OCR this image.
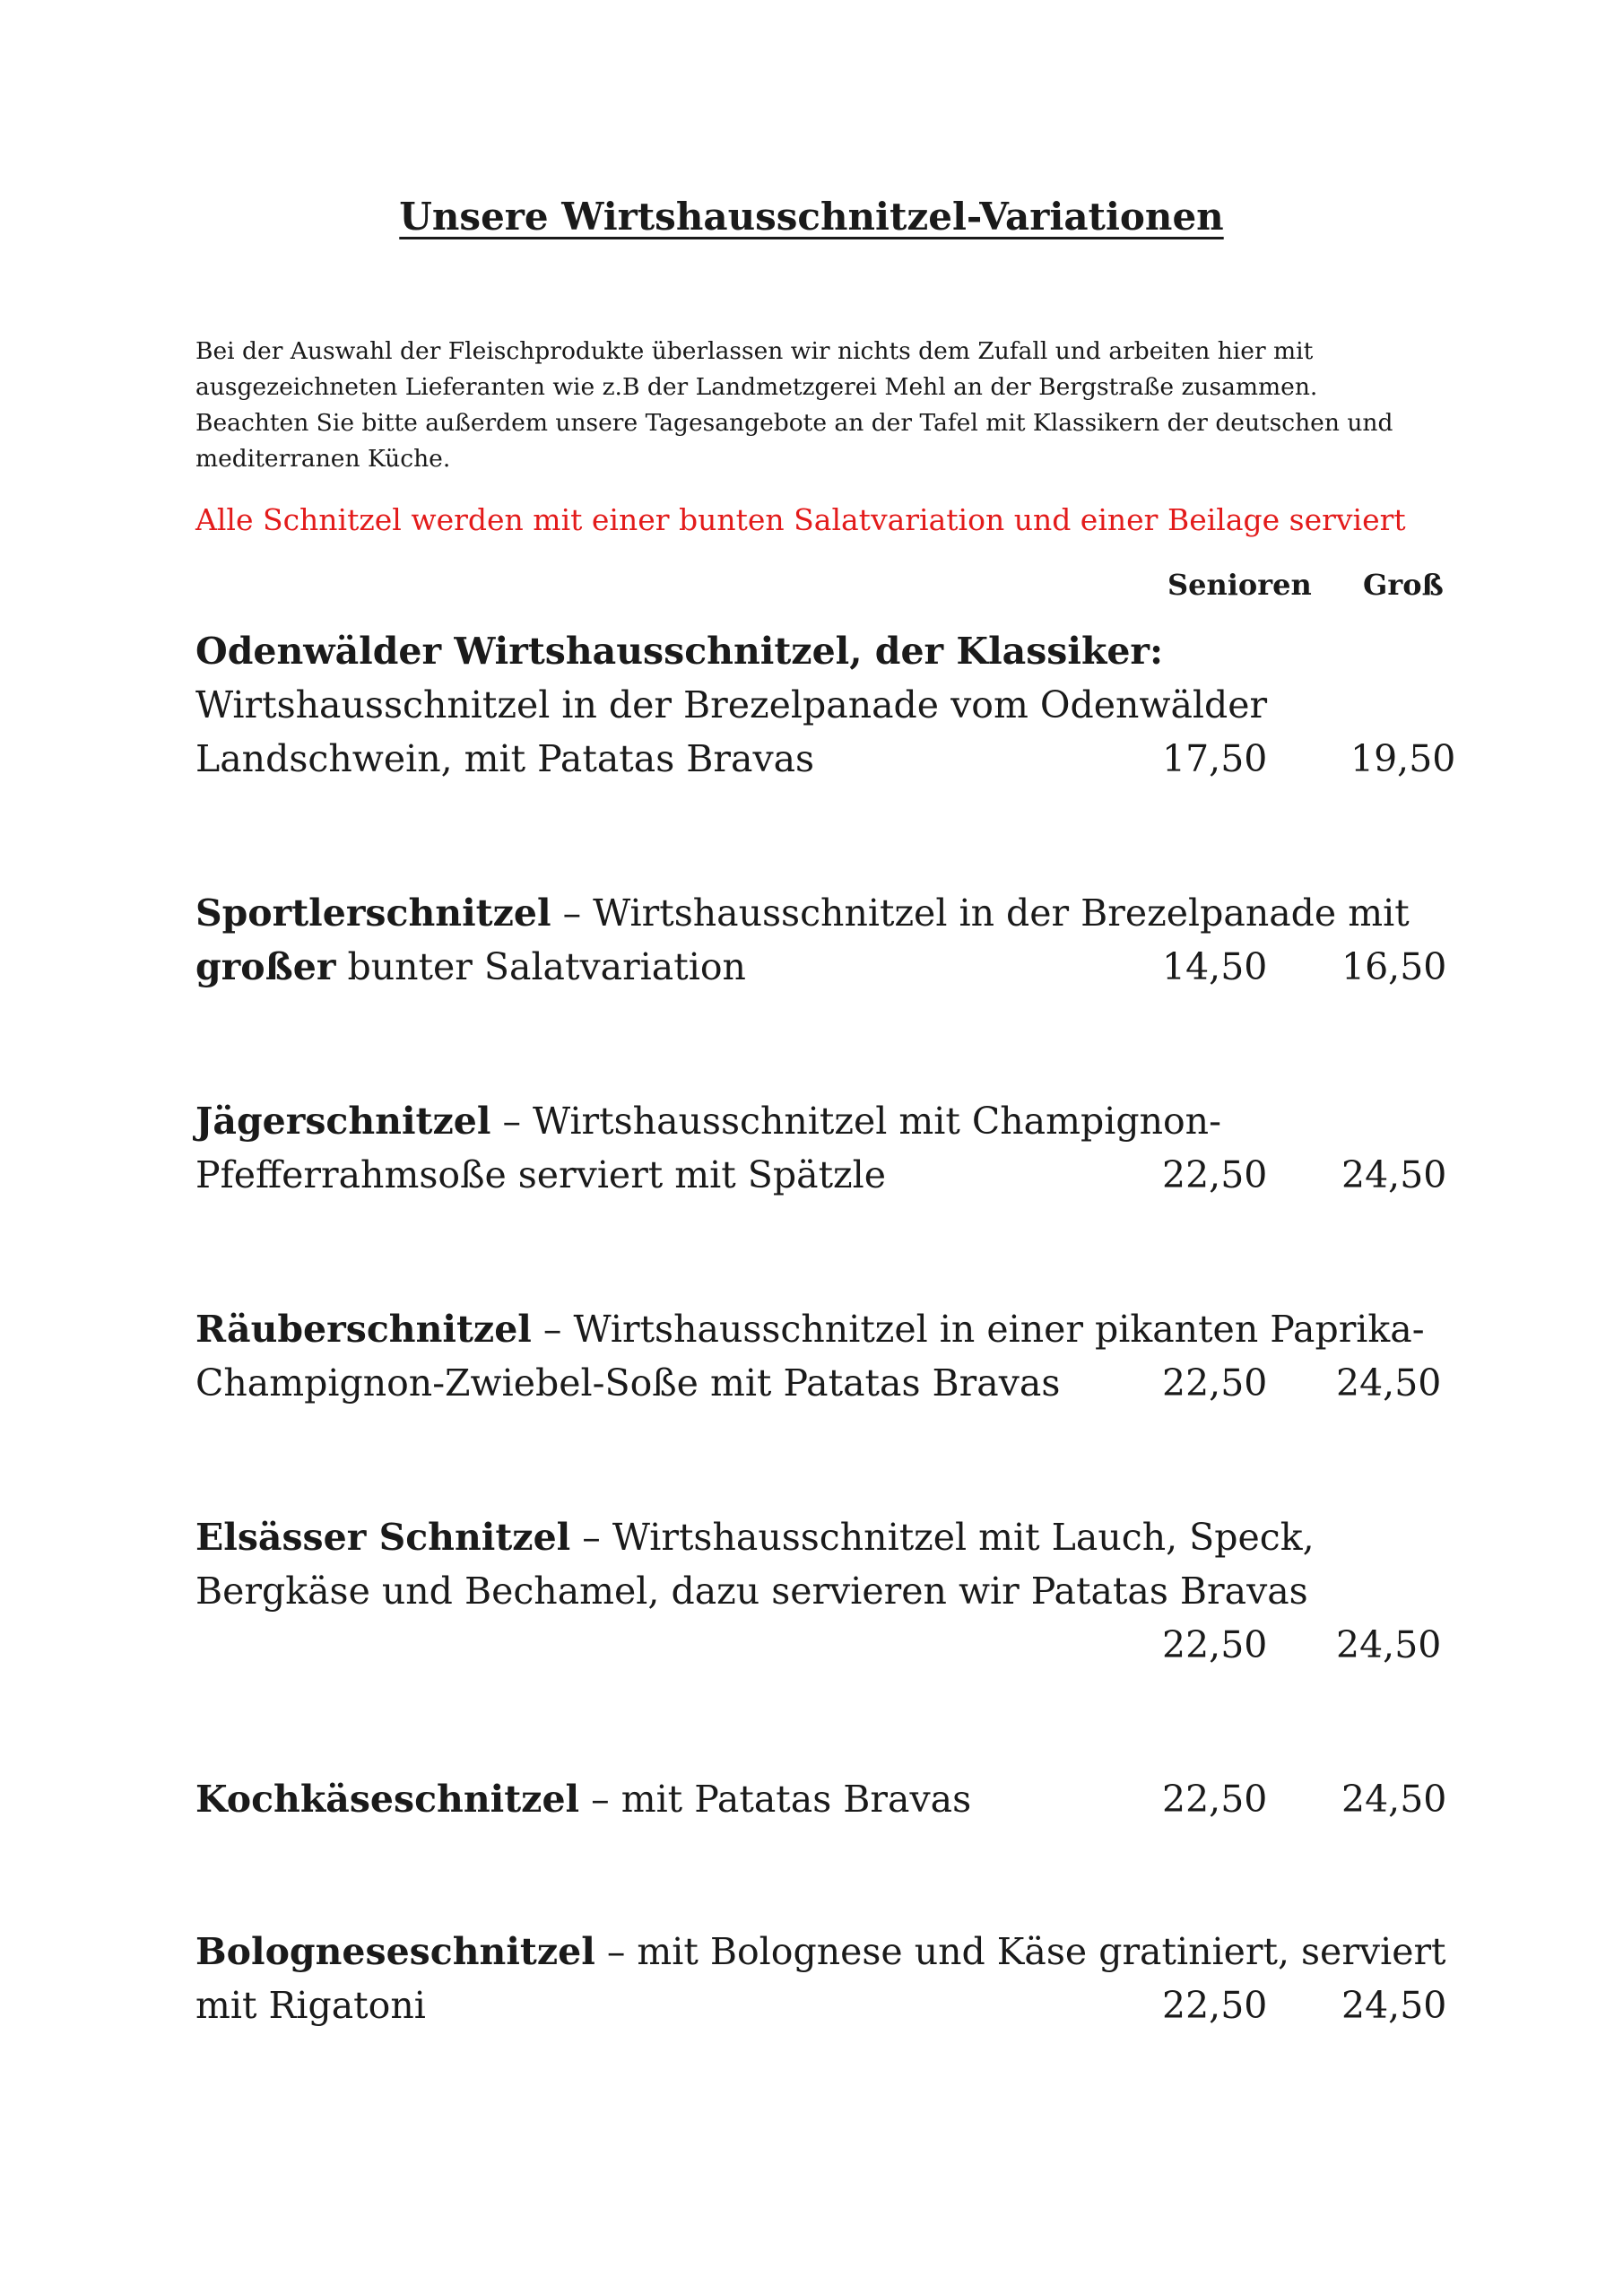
Unsere Wirtshausschnitzel-Variationen

Bei der Auswahl der Fleischprodukte überlassen wir nichts dem Zufall und arbeiten hier mit
ausgezeichneten Lieferanten wie z.B der Landmetzgerei Mehl an der Bergstraße zusammen.
Beachten Sie bitte außerdem unsere Tagesangebote an der Tafel mit Klassikern der deutschen und
mediterranen Küche.

Alle Schnitzel werden mit einer bunten Salatvariation und einer Beilage serviert

Senioren Groß
Odenwälder Wirtshausschnitzel, der Klassiker:
Wirtshausschnitzel in der Brezelpanade vom Odenwälder
Landschwein, mit Patatas Bravas	17,50 19,50
Sportlerschnitzel – Wirtshausschnitzel in der Brezelpanade mit
großer bunter Salatvariation	14,50 16,50
Jägerschnitzel – Wirtshausschnitzel mit Champignon-
Pfefferrahmsoße serviert mit Spätzle	22,50 24,50
Räuberschnitzel – Wirtshausschnitzel in einer pikanten Paprika-
Champignon-Zwiebel-Soße mit Patatas Bravas	22,50 24,50
Elsässer Schnitzel – Wirtshausschnitzel mit Lauch, Speck,
Bergkäse und Bechamel, dazu servieren wir Patatas Bravas
22,50 24,50
Kochkäseschnitzel – mit Patatas Bravas	22,50 24,50
Bologneseschnitzel – mit Bolognese und Käse gratiniert, serviert
mit Rigatoni	22,50 24,50
